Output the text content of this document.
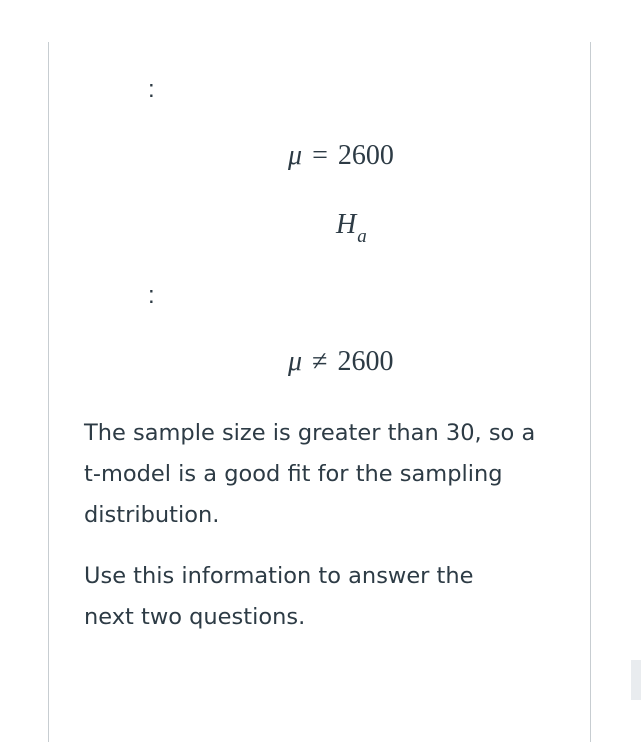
:
μ = 2600
$H_a$
:
μ ≠ 2600

The sample size is greater than 30, so a
t-model is a good fit for the sampling
distribution.

Use this information to answer the
next two questions.
